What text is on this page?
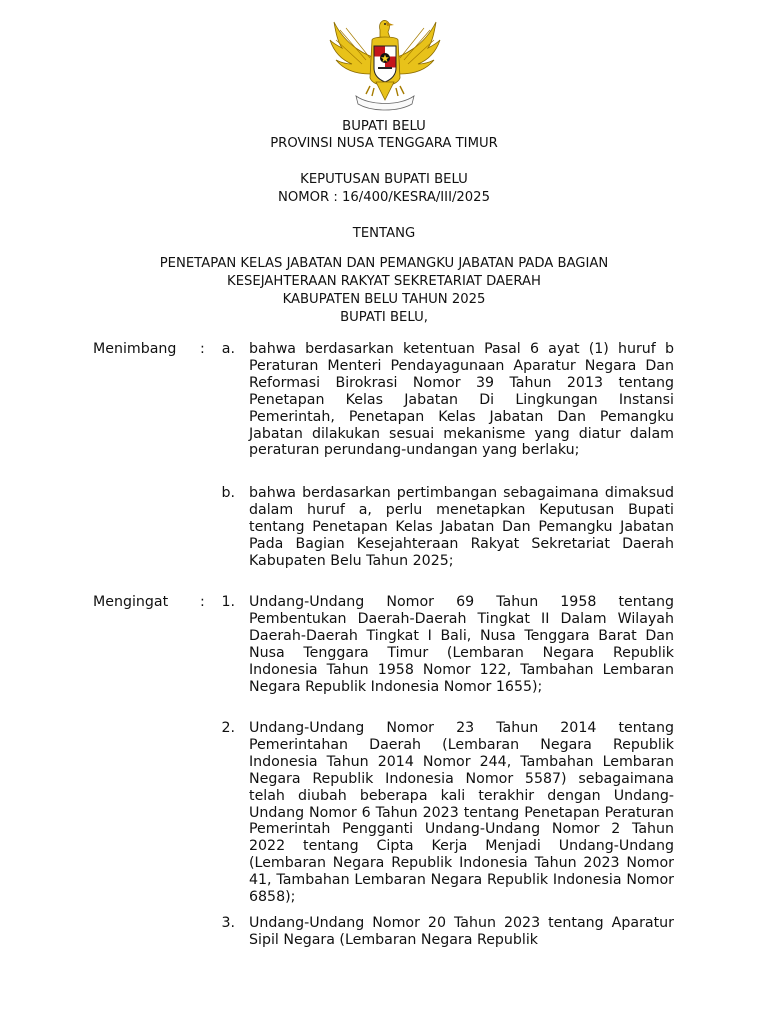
BUPATI BELU
PROVINSI NUSA TENGGARA TIMUR
KEPUTUSAN BUPATI BELU
NOMOR : 16/400/KESRA/III/2025
TENTANG
PENETAPAN KELAS JABATAN DAN PEMANGKU JABATAN PADA BAGIAN
KESEJAHTERAAN RAKYAT SEKRETARIAT DAERAH
KABUPATEN BELU TAHUN 2025
BUPATI BELU,
Menimbang :	a. bahwa berdasarkan ketentuan Pasal 6 ayat (1) huruf b Peraturan Menteri Pendayagunaan Aparatur Negara Dan Reformasi Birokrasi Nomor 39 Tahun 2013 tentang Penetapan Kelas Jabatan Di Lingkungan Instansi Pemerintah, Penetapan Kelas Jabatan Dan Pemangku Jabatan dilakukan sesuai mekanisme yang diatur dalam peraturan perundang-undangan yang berlaku;

b. bahwa berdasarkan pertimbangan sebagaimana dimaksud dalam huruf a, perlu menetapkan Keputusan Bupati tentang Penetapan Kelas Jabatan Dan Pemangku Jabatan Pada Bagian Kesejahteraan Rakyat Sekretariat Daerah Kabupaten Belu Tahun 2025;

Mengingat :	1. Undang-Undang Nomor 69 Tahun 1958 tentang Pembentukan Daerah-Daerah Tingkat II Dalam Wilayah Daerah-Daerah Tingkat I Bali, Nusa Tenggara Barat Dan Nusa Tenggara Timur (Lembaran Negara Republik Indonesia Tahun 1958 Nomor 122, Tambahan Lembaran Negara Republik Indonesia Nomor 1655);

2. Undang-Undang Nomor 23 Tahun 2014 tentang Pemerintahan Daerah (Lembaran Negara Republik Indonesia Tahun 2014 Nomor 244, Tambahan Lembaran Negara Republik Indonesia Nomor 5587) sebagaimana telah diubah beberapa kali terakhir dengan Undang-Undang Nomor 6 Tahun 2023 tentang Penetapan Peraturan Pemerintah Pengganti Undang-Undang Nomor 2 Tahun 2022 tentang Cipta Kerja Menjadi Undang-Undang (Lembaran Negara Republik Indonesia Tahun 2023 Nomor 41, Tambahan Lembaran Negara Republik Indonesia Nomor 6858);

3. Undang-Undang Nomor 20 Tahun 2023 tentang Aparatur Sipil Negara (Lembaran Negara Republik
